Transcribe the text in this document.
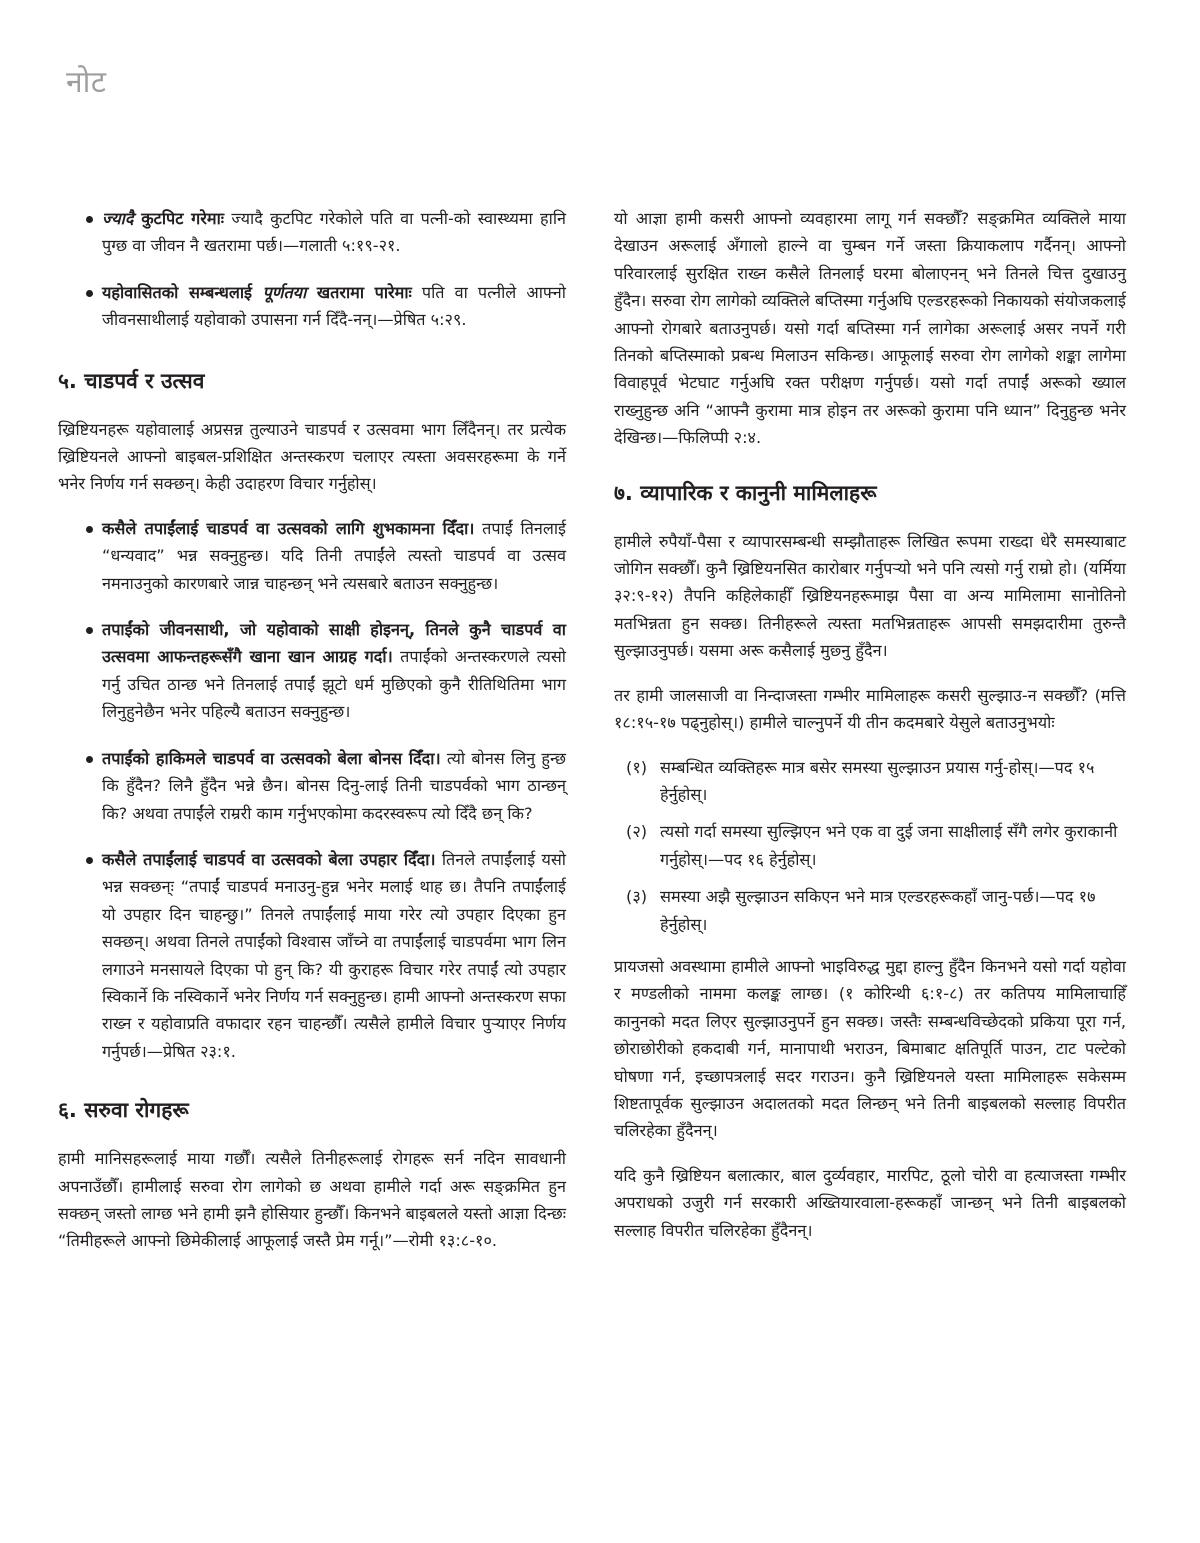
नोट
ज्यादै कुटपिट गरेमाः ज्यादै कुटपिट गरेकोले पति वा पत्नी-को स्वास्थ्यमा हानि पुग्छ वा जीवन नै खतरामा पर्छ।—गलाती ५:१९-२१.
यहोवासितको सम्बन्धलाई पूर्णतया खतरामा पारेमाः पति वा पत्नीले आफ्नो जीवनसाथीलाई यहोवाको उपासना गर्न दिँदै-नन्।—प्रेषित ५:२९.
५. चाडपर्व र उत्सव

ख्रिष्टियनहरू यहोवालाई अप्रसन्न तुल्याउने चाडपर्व र उत्सवमा भाग लिँदैनन्। तर प्रत्येक ख्रिष्टियनले आफ्नो बाइबल-प्रशिक्षित अन्तस्करण चलाएर त्यस्ता अवसरहरूमा के गर्ने भनेर निर्णय गर्न सक्छन्। केही उदाहरण विचार गर्नुहोस्।

कसैले तपाईंलाई चाडपर्व वा उत्सवको लागि शुभकामना दिँदा। तपाईं तिनलाई “धन्यवाद” भन्न सक्नुहुन्छ। यदि तिनी तपाईंले त्यस्तो चाडपर्व वा उत्सव नमनाउनुको कारणबारे जान्न चाहन्छन् भने त्यसबारे बताउन सक्नुहुन्छ।
तपाईंको जीवनसाथी, जो यहोवाको साक्षी होइनन्, तिनले कुनै चाडपर्व वा उत्सवमा आफन्तहरूसँगै खाना खान आग्रह गर्दा। तपाईंको अन्तस्करणले त्यसो गर्नु उचित ठान्छ भने तिनलाई तपाईं झूटो धर्म मुछिएको कुनै रीतिथितिमा भाग लिनुहुनेछैन भनेर पहिल्यै बताउन सक्नुहुन्छ।
तपाईंको हाकिमले चाडपर्व वा उत्सवको बेला बोनस दिँदा। त्यो बोनस लिनु हुन्छ कि हुँदैन? लिनै हुँदैन भन्ने छैन। बोनस दिनु-लाई तिनी चाडपर्वको भाग ठान्छन् कि? अथवा तपाईंले राम्ररी काम गर्नुभएकोमा कदरस्वरूप त्यो दिँदै छन् कि?
कसैले तपाईंलाई चाडपर्व वा उत्सवको बेला उपहार दिँदा। तिनले तपाईंलाई यसो भन्न सक्छन्ः “तपाईं चाडपर्व मनाउनु-हुन्न भनेर मलाई थाह छ। तैपनि तपाईंलाई यो उपहार दिन चाहन्छु।” तिनले तपाईंलाई माया गरेर त्यो उपहार दिएका हुन सक्छन्। अथवा तिनले तपाईंको विश्वास जाँच्ने वा तपाईंलाई चाडपर्वमा भाग लिन लगाउने मनसायले दिएका पो हुन् कि? यी कुराहरू विचार गरेर तपाईं त्यो उपहार स्विकार्ने कि नस्विकार्ने भनेर निर्णय गर्न सक्नुहुन्छ। हामी आफ्नो अन्तस्करण सफा राख्न र यहोवाप्रति वफादार रहन चाहन्छौँ। त्यसैले हामीले विचार पुऱ्याएर निर्णय गर्नुपर्छ।—प्रेषित २३:१.
६. सरुवा रोगहरू

हामी मानिसहरूलाई माया गर्छौँ। त्यसैले तिनीहरूलाई रोगहरू सर्न नदिन सावधानी अपनाउँछौँ। हामीलाई सरुवा रोग लागेको छ अथवा हामीले गर्दा अरू सङ्क्रमित हुन सक्छन् जस्तो लाग्छ भने हामी झनै होसियार हुन्छौँ। किनभने बाइबलले यस्तो आज्ञा दिन्छः “तिमीहरूले आफ्नो छिमेकीलाई आफूलाई जस्तै प्रेम गर्नू।”—रोमी १३:८-१०.

यो आज्ञा हामी कसरी आफ्नो व्यवहारमा लागू गर्न सक्छौँ? सङ्क्रमित व्यक्तिले माया देखाउन अरूलाई अँगालो हाल्ने वा चुम्बन गर्ने जस्ता क्रियाकलाप गर्दैनन्। आफ्नो परिवारलाई सुरक्षित राख्न कसैले तिनलाई घरमा बोलाएनन् भने तिनले चित्त दुखाउनु हुँदैन। सरुवा रोग लागेको व्यक्तिले बप्तिस्मा गर्नुअघि एल्डरहरूको निकायको संयोजकलाई आफ्नो रोगबारे बताउनुपर्छ। यसो गर्दा बप्तिस्मा गर्न लागेका अरूलाई असर नपर्ने गरी तिनको बप्तिस्माको प्रबन्ध मिलाउन सकिन्छ। आफूलाई सरुवा रोग लागेको शङ्का लागेमा विवाहपूर्व भेटघाट गर्नुअघि रक्त परीक्षण गर्नुपर्छ। यसो गर्दा तपाईं अरूको ख्याल राख्नुहुन्छ अनि “आफ्नै कुरामा मात्र होइन तर अरूको कुरामा पनि ध्यान” दिनुहुन्छ भनेर देखिन्छ।—फिलिप्पी २:४.

७. व्यापारिक र कानुनी मामिलाहरू

हामीले रुपैयाँ-पैसा र व्यापारसम्बन्धी सम्झौताहरू लिखित रूपमा राख्दा धेरै समस्याबाट जोगिन सक्छौँ। कुनै ख्रिष्टियनसित कारोबार गर्नुपऱ्यो भने पनि त्यसो गर्नु राम्रो हो। (यर्मिया ३२:९-१२) तैपनि कहिलेकाहीँ ख्रिष्टियनहरूमाझ पैसा वा अन्य मामिलामा सानोतिनो मतभिन्नता हुन सक्छ। तिनीहरूले त्यस्ता मतभिन्नताहरू आपसी समझदारीमा तुरुन्तै सुल्झाउनुपर्छ। यसमा अरू कसैलाई मुछ्नु हुँदैन।

तर हामी जालसाजी वा निन्दाजस्ता गम्भीर मामिलाहरू कसरी सुल्झाउ-न सक्छौँ? (मत्ति १८:१५-१७ पढ्नुहोस्।) हामीले चाल्नुपर्ने यी तीन कदमबारे येसुले बताउनुभयोः

(१) सम्बन्धित व्यक्तिहरू मात्र बसेर समस्या सुल्झाउन प्रयास गर्नु-होस्।—पद १५ हेर्नुहोस्।
(२) त्यसो गर्दा समस्या सुल्झिएन भने एक वा दुई जना साक्षीलाई सँगै लगेर कुराकानी गर्नुहोस्।—पद १६ हेर्नुहोस्।
(३) समस्या अझै सुल्झाउन सकिएन भने मात्र एल्डरहरूकहाँ जानु-पर्छ।—पद १७ हेर्नुहोस्।

प्रायजसो अवस्थामा हामीले आफ्नो भाइविरुद्ध मुद्दा हाल्नु हुँदैन किनभने यसो गर्दा यहोवा र मण्डलीको नाममा कलङ्क लाग्छ। (१ कोरिन्थी ६:१-८) तर कतिपय मामिलाचाहिँ कानुनको मदत लिएर सुल्झाउनुपर्ने हुन सक्छ। जस्तैः सम्बन्धविच्छेदको प्रकिया पूरा गर्न, छोराछोरीको हकदाबी गर्न, मानापाथी भराउन, बिमाबाट क्षतिपूर्ति पाउन, टाट पल्टेको घोषणा गर्न, इच्छापत्रलाई सदर गराउन। कुनै ख्रिष्टियनले यस्ता मामिलाहरू सकेसम्म शिष्टतापूर्वक सुल्झाउन अदालतको मदत लिन्छन् भने तिनी बाइबलको सल्लाह विपरीत चलिरहेका हुँदैनन्।

यदि कुनै ख्रिष्टियन बलात्कार, बाल दुर्व्यवहार, मारपिट, ठूलो चोरी वा हत्याजस्ता गम्भीर अपराधको उजुरी गर्न सरकारी अख्तियारवाला-हरूकहाँ जान्छन् भने तिनी बाइबलको सल्लाह विपरीत चलिरहेका हुँदैनन्।
